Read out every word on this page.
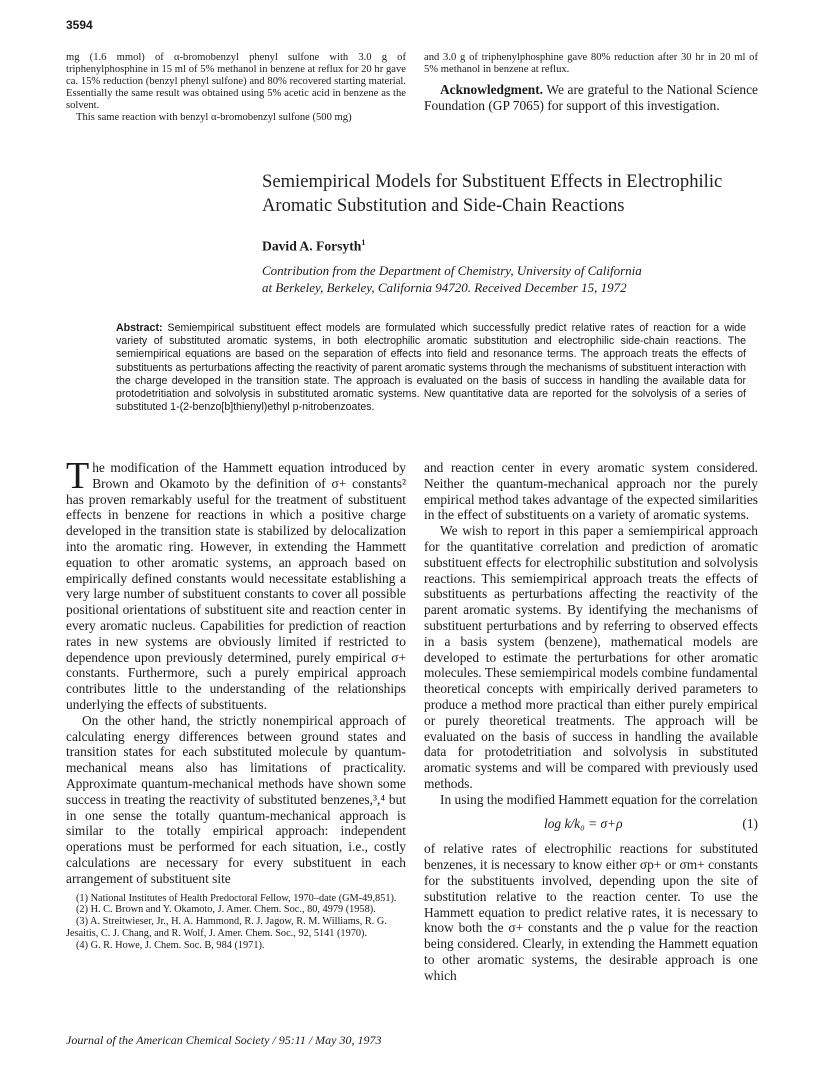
3594
mg (1.6 mmol) of α-bromobenzyl phenyl sulfone with 3.0 g of triphenylphosphine in 15 ml of 5% methanol in benzene at reflux for 20 hr gave ca. 15% reduction (benzyl phenyl sulfone) and 80% recovered starting material. Essentially the same result was obtained using 5% acetic acid in benzene as the solvent.
This same reaction with benzyl α-bromobenzyl sulfone (500 mg)
and 3.0 g of triphenylphosphine gave 80% reduction after 30 hr in 20 ml of 5% methanol in benzene at reflux.
Acknowledgment. We are grateful to the National Science Foundation (GP 7065) for support of this investigation.
Semiempirical Models for Substituent Effects in Electrophilic Aromatic Substitution and Side-Chain Reactions
David A. Forsyth$^1$
Contribution from the Department of Chemistry, University of California
at Berkeley, Berkeley, California 94720. Received December 15, 1972
Abstract: Semiempirical substituent effect models are formulated which successfully predict relative rates of reaction for a wide variety of substituted aromatic systems, in both electrophilic aromatic substitution and electrophilic side-chain reactions. The semiempirical equations are based on the separation of effects into field and resonance terms. The approach treats the effects of substituents as perturbations affecting the reactivity of parent aromatic systems through the mechanisms of substituent interaction with the charge developed in the transition state. The approach is evaluated on the basis of success in handling the available data for protodetritiation and solvolysis in substituted aromatic systems. New quantitative data are reported for the solvolysis of a series of substituted 1-(2-benzo[b]thienyl)ethyl p-nitrobenzoates.

The modification of the Hammett equation introduced by Brown and Okamoto by the definition of σ+ constants² has proven remarkably useful for the treatment of substituent effects in benzene for reactions in which a positive charge developed in the transition state is stabilized by delocalization into the aromatic ring. However, in extending the Hammett equation to other aromatic systems, an approach based on empirically defined constants would necessitate establishing a very large number of substituent constants to cover all possible positional orientations of substituent site and reaction center in every aromatic nucleus. Capabilities for prediction of reaction rates in new systems are obviously limited if restricted to dependence upon previously determined, purely empirical σ+ constants. Furthermore, such a purely empirical approach contributes little to the understanding of the relationships underlying the effects of substituents.

On the other hand, the strictly nonempirical approach of calculating energy differences between ground states and transition states for each substituted molecule by quantum-mechanical means also has limitations of practicality. Approximate quantum-mechanical methods have shown some success in treating the reactivity of substituted benzenes,³,⁴ but in one sense the totally quantum-mechanical approach is similar to the totally empirical approach: independent operations must be performed for each situation, i.e., costly calculations are necessary for every substituent in each arrangement of substituent site

(1) National Institutes of Health Predoctoral Fellow, 1970–date (GM-49,851).
(2) H. C. Brown and Y. Okamoto, J. Amer. Chem. Soc., 80, 4979 (1958).
(3) A. Streitwieser, Jr., H. A. Hammond, R. J. Jagow, R. M. Williams, R. G. Jesaitis, C. J. Chang, and R. Wolf, J. Amer. Chem. Soc., 92, 5141 (1970).
(4) G. R. Howe, J. Chem. Soc. B, 984 (1971).

and reaction center in every aromatic system considered. Neither the quantum-mechanical approach nor the purely empirical method takes advantage of the expected similarities in the effect of substituents on a variety of aromatic systems.

We wish to report in this paper a semiempirical approach for the quantitative correlation and prediction of aromatic substituent effects for electrophilic substitution and solvolysis reactions. This semiempirical approach treats the effects of substituents as perturbations affecting the reactivity of the parent aromatic systems. By identifying the mechanisms of substituent perturbations and by referring to observed effects in a basis system (benzene), mathematical models are developed to estimate the perturbations for other aromatic molecules. These semiempirical models combine fundamental theoretical concepts with empirically derived parameters to produce a method more practical than either purely empirical or purely theoretical treatments. The approach will be evaluated on the basis of success in handling the available data for protodetritiation and solvolysis in substituted aromatic systems and will be compared with previously used methods.

In using the modified Hammett equation for the correlation

log k/k₀ = σ+ρ	(1)

of relative rates of electrophilic reactions for substituted benzenes, it is necessary to know either σp+ or σm+ constants for the substituents involved, depending upon the site of substitution relative to the reaction center. To use the Hammett equation to predict relative rates, it is necessary to know both the σ+ constants and the ρ value for the reaction being considered. Clearly, in extending the Hammett equation to other aromatic systems, the desirable approach is one which

Journal of the American Chemical Society / 95:11 / May 30, 1973
